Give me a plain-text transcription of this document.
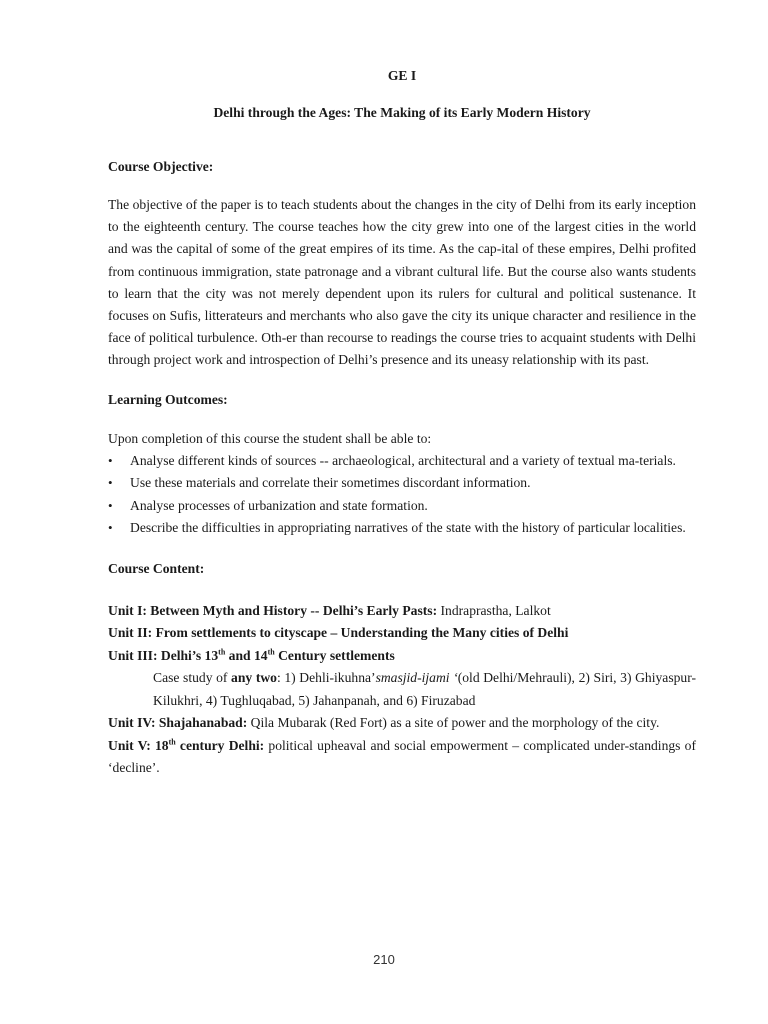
GE I

Delhi through the Ages: The Making of its Early Modern History

Course Objective:

The objective of the paper is to teach students about the changes in the city of Delhi from its early inception to the eighteenth century. The course teaches how the city grew into one of the largest cities in the world and was the capital of some of the great empires of its time. As the cap-ital of these empires, Delhi profited from continuous immigration, state patronage and a vibrant cultural life. But the course also wants students to learn that the city was not merely dependent upon its rulers for cultural and political sustenance. It focuses on Sufis, litterateurs and merchants who also gave the city its unique character and resilience in the face of political turbulence. Oth-er than recourse to readings the course tries to acquaint students with Delhi through project work and introspection of Delhi’s presence and its uneasy relationship with its past.

Learning Outcomes:

Upon completion of this course the student shall be able to:

• Analyse different kinds of sources -- archaeological, architectural and a variety of textual ma-terials.
• Use these materials and correlate their sometimes discordant information.
• Analyse processes of urbanization and state formation.
• Describe the difficulties in appropriating narratives of the state with the history of particular localities.

Course Content:

Unit I: Between Myth and History -- Delhi’s Early Pasts: Indraprastha, Lalkot

Unit II: From settlements to cityscape – Understanding the Many cities of Delhi

Unit III: Delhi’s 13th and 14th Century settlements

Case study of any two: 1) Dehli-ikuhna’smasjid-ijami ‘(old Delhi/Mehrauli), 2) Siri, 3) Ghiyaspur-Kilukhri, 4) Tughluqabad, 5) Jahanpanah, and 6) Firuzabad

Unit IV: Shajahanabad: Qila Mubarak (Red Fort) as a site of power and the morphology of the city.

Unit V: 18th century Delhi: political upheaval and social empowerment – complicated under-standings of ‘decline’.

210
